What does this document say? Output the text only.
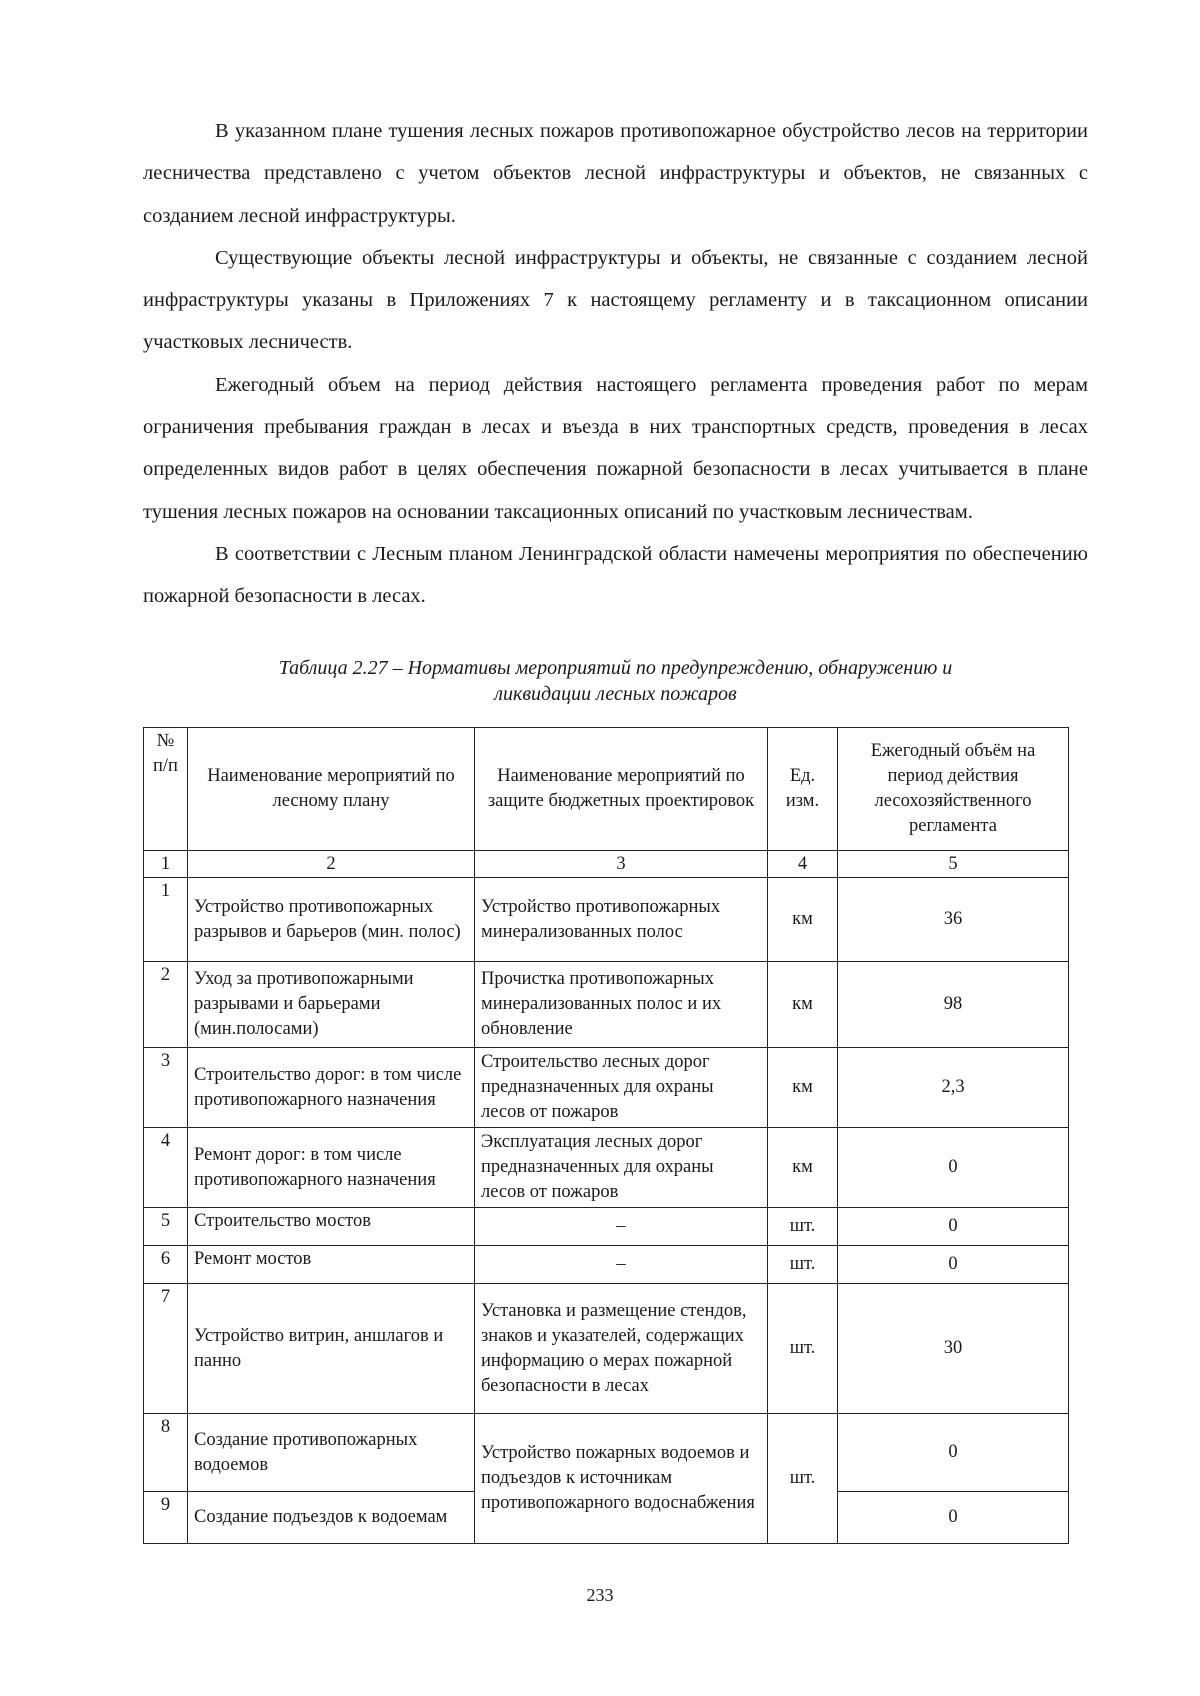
В указанном плане тушения лесных пожаров противопожарное обустройство лесов на территории лесничества представлено с учетом объектов лесной инфраструктуры и объектов, не связанных с созданием лесной инфраструктуры.

Существующие объекты лесной инфраструктуры и объекты, не связанные с созданием лесной инфраструктуры указаны в Приложениях 7 к настоящему регламенту и в таксационном описании участковых лесничеств.

Ежегодный объем на период действия настоящего регламента проведения работ по мерам ограничения пребывания граждан в лесах и въезда в них транспортных средств, проведения в лесах определенных видов работ в целях обеспечения пожарной безопасности в лесах учитывается в плане тушения лесных пожаров на основании таксационных описаний по участковым лесничествам.

В соответствии с Лесным планом Ленинградской области намечены мероприятия по обеспечению пожарной безопасности в лесах.

Таблица 2.27 – Нормативы мероприятий по предупреждению, обнаружению и
ликвидации лесных пожаров
№ п/п	Наименование мероприятий по лесному плану	Наименование мероприятий по защите бюджетных проектировок	Ед. изм.	Ежегодный объём на период действия лесохозяйственного регламента
1	2	3	4	5
1	Устройство противопожарных разрывов и барьеров (мин. полос)	Устройство противопожарных минерализованных полос	км	36
2	Уход за противопожарными разрывами и барьерами (мин.полосами)	Прочистка противопожарных минерализованных полос и их обновление	км	98
3	Строительство дорог: в том числе противопожарного назначения	Строительство лесных дорог предназначенных для охраны лесов от пожаров	км	2,3
4	Ремонт дорог: в том числе противопожарного назначения	Эксплуатация лесных дорог предназначенных для охраны лесов от пожаров	км	0
5	Строительство мостов	–	шт.	0
6	Ремонт мостов	–	шт.	0
7	Устройство витрин, аншлагов и панно	Установка и размещение стендов, знаков и указателей, содержащих информацию о мерах пожарной безопасности в лесах	шт.	30
8	Создание противопожарных водоемов	Устройство пожарных водоемов и подъездов к источникам противопожарного водоснабжения	шт.	0
9	Создание подъездов к водоемам			0
233
